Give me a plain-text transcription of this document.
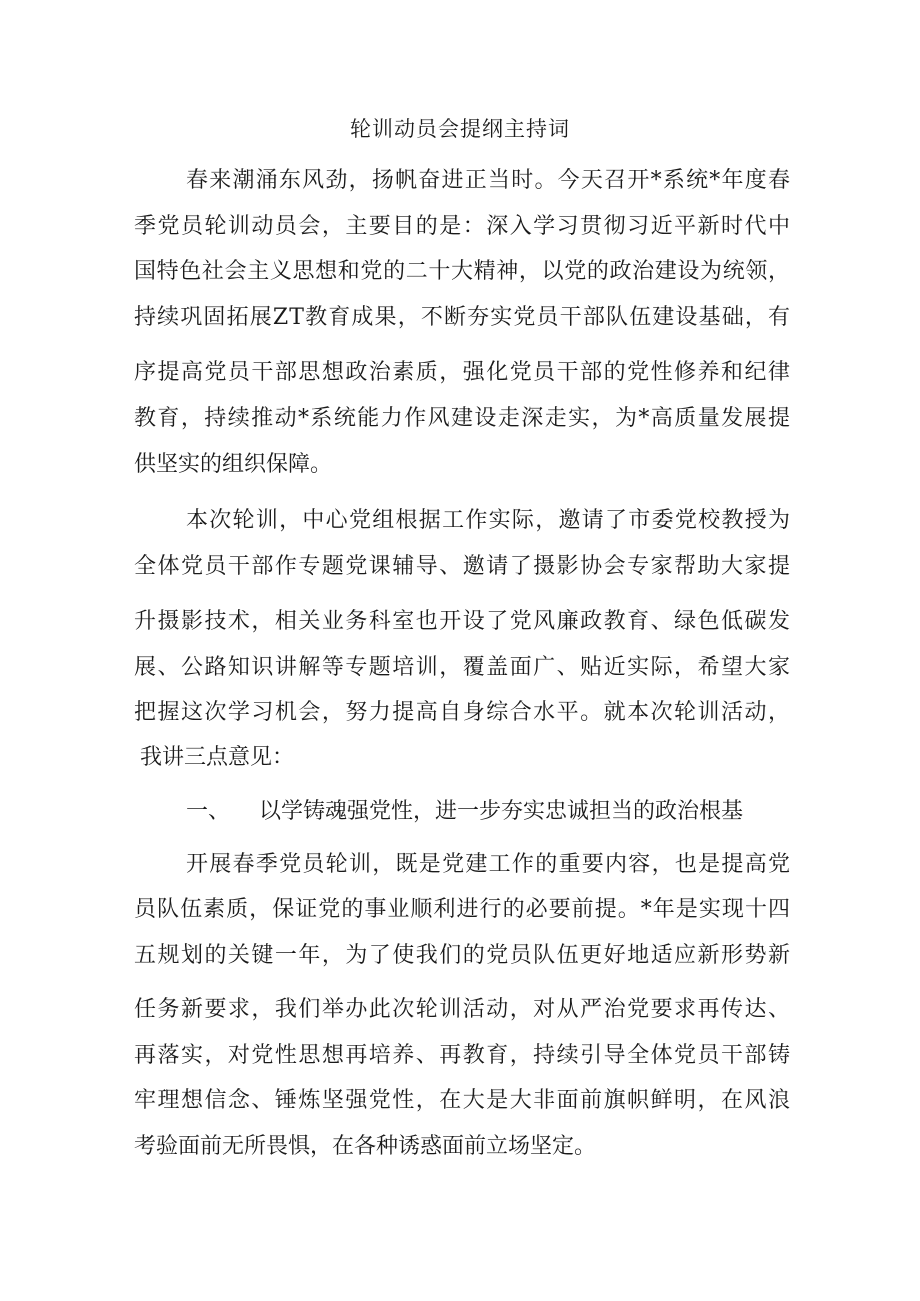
轮训动员会提纲主持词
春来潮涌东风劲，扬帆奋进正当时。今天召开*系统*年度春
季党员轮训动员会，主要目的是：深入学习贯彻习近平新时代中
国特色社会主义思想和党的二十大精神，以党的政治建设为统领，
持续巩固拓展ZT教育成果，不断夯实党员干部队伍建设基础，有
序提高党员干部思想政治素质，强化党员干部的党性修养和纪律
教育，持续推动*系统能力作风建设走深走实，为*高质量发展提
供坚实的组织保障。
本次轮训，中心党组根据工作实际，邀请了市委党校教授为
全体党员干部作专题党课辅导、邀请了摄影协会专家帮助大家提
升摄影技术，相关业务科室也开设了党风廉政教育、绿色低碳发
展、公路知识讲解等专题培训，覆盖面广、贴近实际，希望大家
把握这次学习机会，努力提高自身综合水平。就本次轮训活动，
我讲三点意见：
一、 以学铸魂强党性，进一步夯实忠诚担当的政治根基
开展春季党员轮训，既是党建工作的重要内容，也是提高党
员队伍素质，保证党的事业顺利进行的必要前提。*年是实现十四
五规划的关键一年，为了使我们的党员队伍更好地适应新形势新
任务新要求，我们举办此次轮训活动，对从严治党要求再传达、
再落实，对党性思想再培养、再教育，持续引导全体党员干部铸
牢理想信念、锤炼坚强党性，在大是大非面前旗帜鲜明，在风浪
考验面前无所畏惧，在各种诱惑面前立场坚定。
